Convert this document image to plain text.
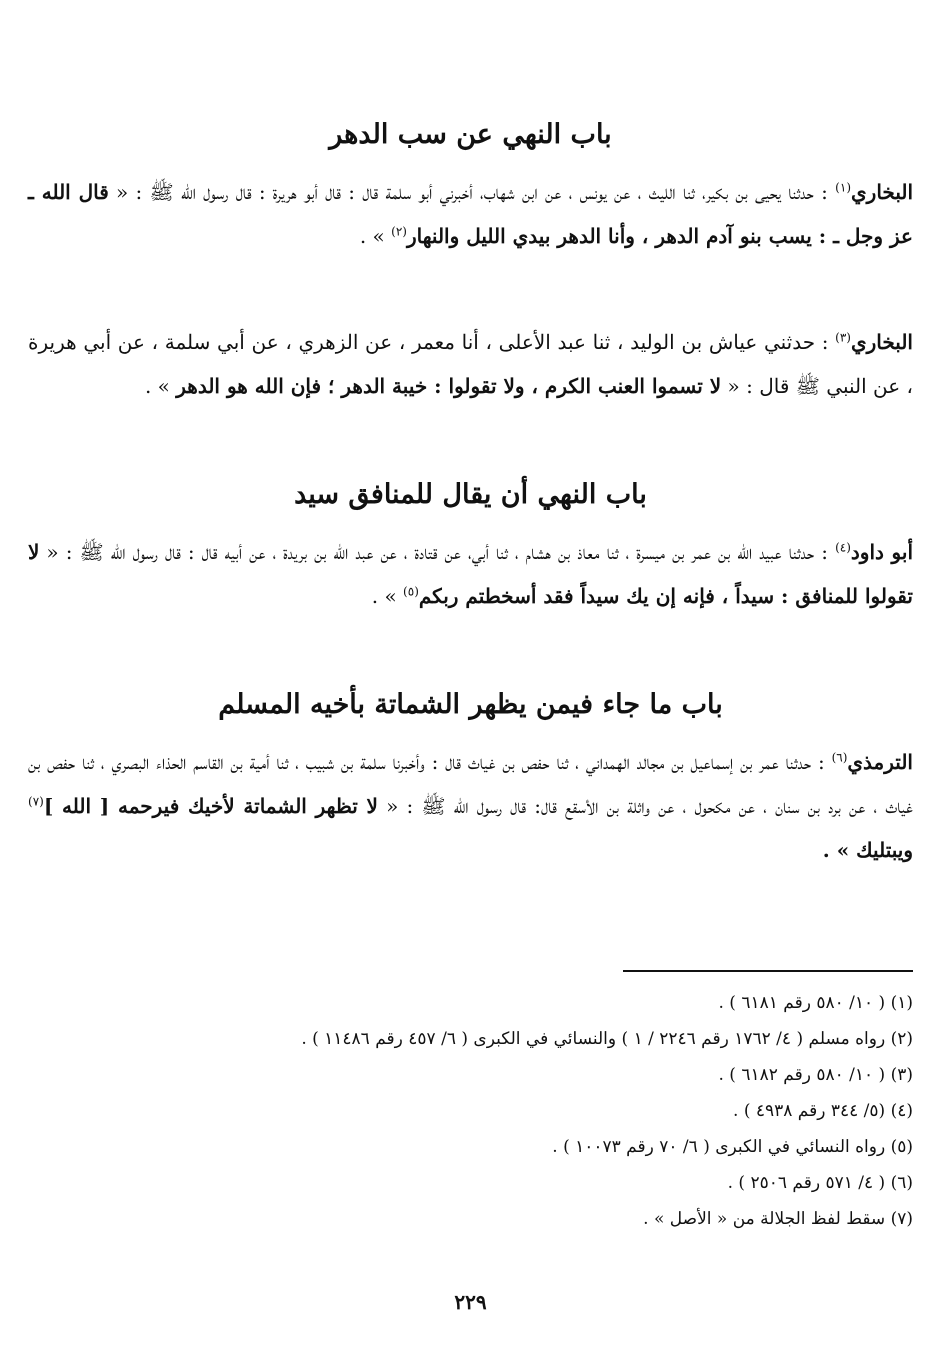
باب النهي عن سب الدهر

البخاري$^{(١)}$ : حدثنا يحيى بن بكير، ثنا الليث ، عن يونس ، عن ابن شهاب، أخبرني أبو سلمة قال : قال أبو هريرة : قال رسول الله ﷺ : « قال الله ـ عز وجل ـ : يسب بنو آدم الدهر ، وأنا الدهر بيدي الليل والنهار$^{(٢)}$ » .

البخاري$^{(٣)}$ : حدثني عياش بن الوليد ، ثنا عبد الأعلى ، أنا معمر ، عن الزهري ، عن أبي سلمة ، عن أبي هريرة ، عن النبي ﷺ قال : « لا تسموا العنب الكرم ، ولا تقولوا : خيبة الدهر ؛ فإن الله هو الدهر » .

باب النهي أن يقال للمنافق سيد

أبو داود$^{(٤)}$ : حدثنا عبيد الله بن عمر بن ميسرة ، ثنا معاذ بن هشام ، ثنا أبي، عن قتادة ، عن عبد الله بن بريدة ، عن أبيه قال : قال رسول الله ﷺ : « لا تقولوا للمنافق : سيداً ، فإنه إن يك سيداً فقد أسخطتم ربكم$^{(٥)}$ » .

باب ما جاء فيمن يظهر الشماتة بأخيه المسلم

الترمذي$^{(٦)}$ : حدثنا عمر بن إسماعيل بن مجالد الهمداني ، ثنا حفص بن غياث قال : وأخبرنا سلمة بن شبيب ، ثنا أمية بن القاسم الحذاء البصري ، ثنا حفص بن غياث ، عن برد بن سنان ، عن مكحول ، عن واثلة بن الأسقع قال: قال رسول الله ﷺ : « لا تظهر الشماتة لأخيك فيرحمه [ الله ]$^{(٧)}$ ويبتليك » .

(١) ( ١٠/ ٥٨٠ رقم ٦١٨١ ) .

(٢) رواه مسلم ( ٤/ ١٧٦٢ رقم ٢٢٤٦ / ١ ) والنسائي في الكبرى ( ٦/ ٤٥٧ رقم ١١٤٨٦ ) .

(٣) ( ١٠/ ٥٨٠ رقم ٦١٨٢ ) .

(٤) (٥/ ٣٤٤ رقم ٤٩٣٨ ) .

(٥) رواه النسائي في الكبرى ( ٦/ ٧٠ رقم ١٠٠٧٣ ) .

(٦) ( ٤/ ٥٧١ رقم ٢٥٠٦ ) .

(٧) سقط لفظ الجلالة من « الأصل » .

٢٢٩
